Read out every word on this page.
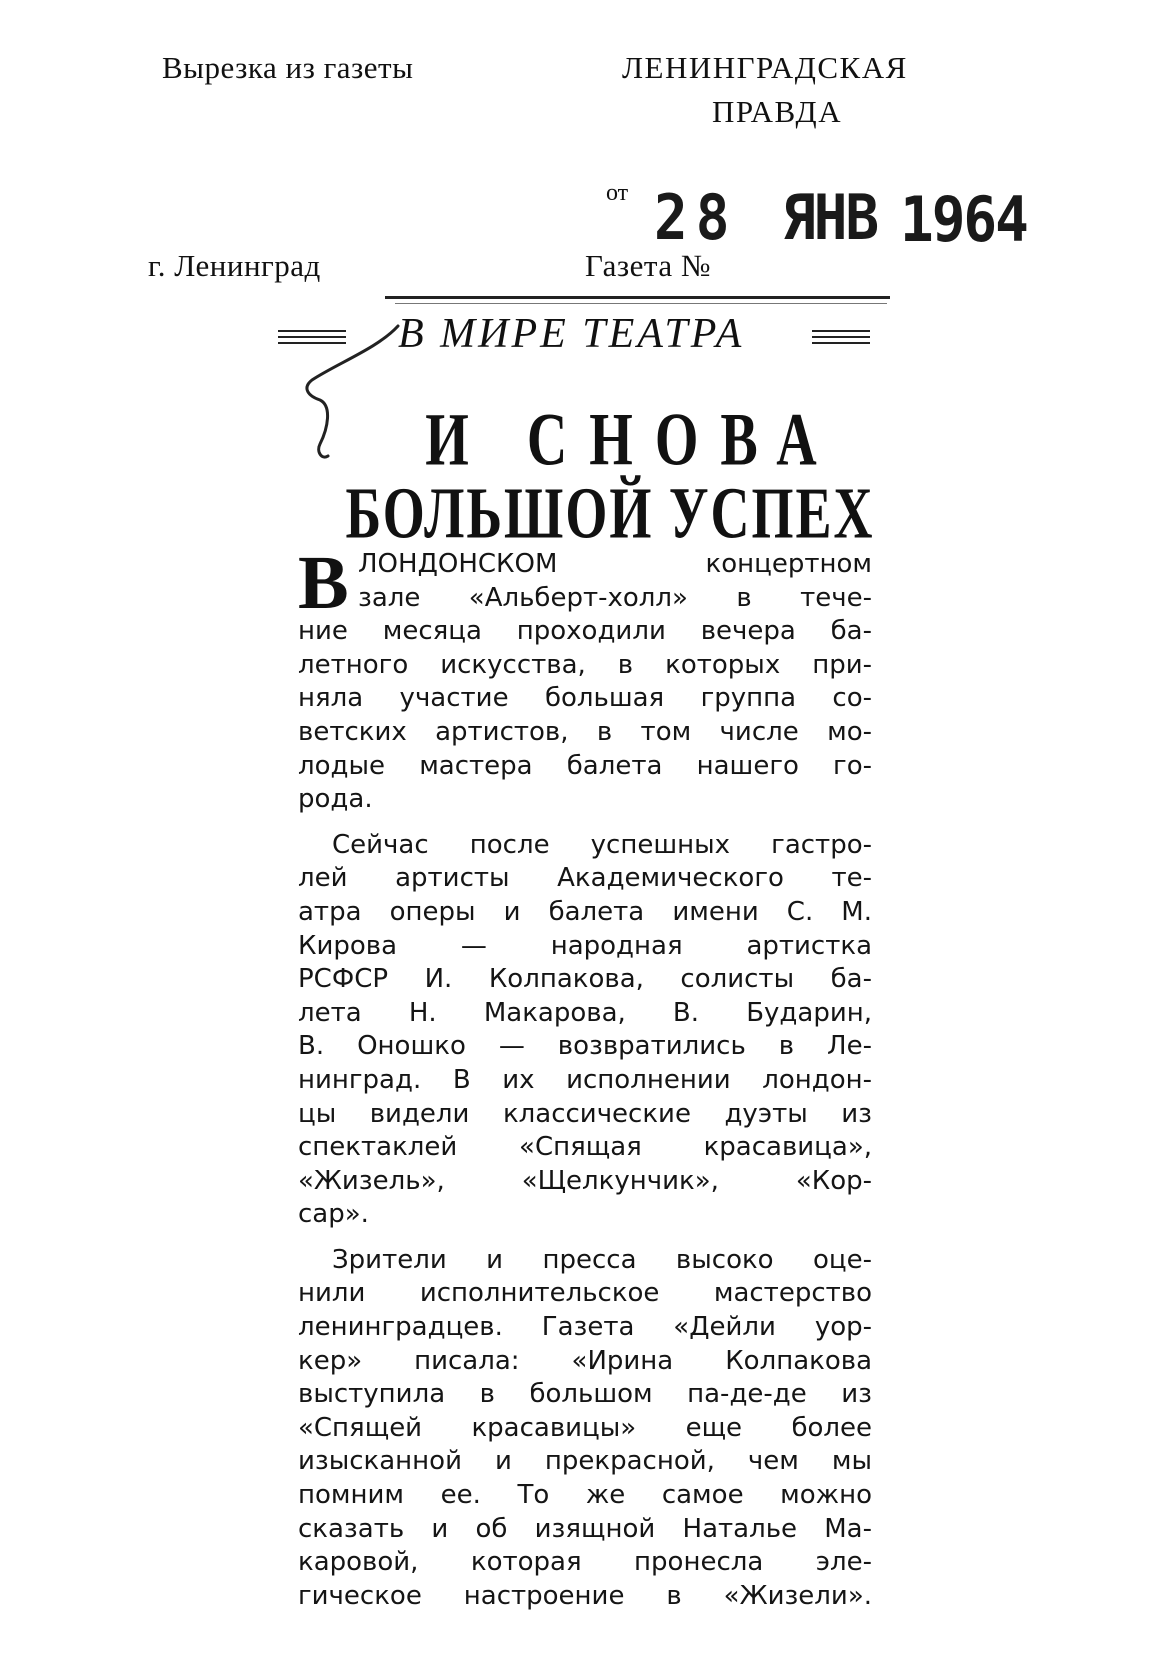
Вырезка из газеты	ЛЕНИНГРАДСКАЯ
ПРАВДА
от 28 ЯНВ 1964
г. Ленинград	Газета №
В МИРЕ ТЕАТРА
И СНОВА
БОЛЬШОЙ УСПЕХ
В ЛОНДОНСКОМ концертном
зале «Альберт-холл» в тече-
ние месяца проходили вечера ба-
летного искусства, в которых при-
няла участие большая группа со-
ветских артистов, в том числе мо-
лодые мастера балета нашего го-
рода.

Сейчас после успешных гастро-
лей артисты Академического те-
атра оперы и балета имени С. М.
Кирова — народная артистка
РСФСР И. Колпакова, солисты ба-
лета Н. Макарова, В. Бударин,
В. Оношко — возвратились в Ле-
нинград. В их исполнении лондон-
цы видели классические дуэты из
спектаклей «Спящая красавица»,
«Жизель», «Щелкунчик», «Кор-
сар».

Зрители и пресса высоко оце-
нили исполнительское мастерство
ленинградцев. Газета «Дейли уор-
кер» писала: «Ирина Колпакова
выступила в большом па-де-де из
«Спящей красавицы» еще более
изысканной и прекрасной, чем мы
помним ее. То же самое можно
сказать и об изящной Наталье Ма-
каровой, которая пронесла эле-
гическое настроение в «Жизели».
